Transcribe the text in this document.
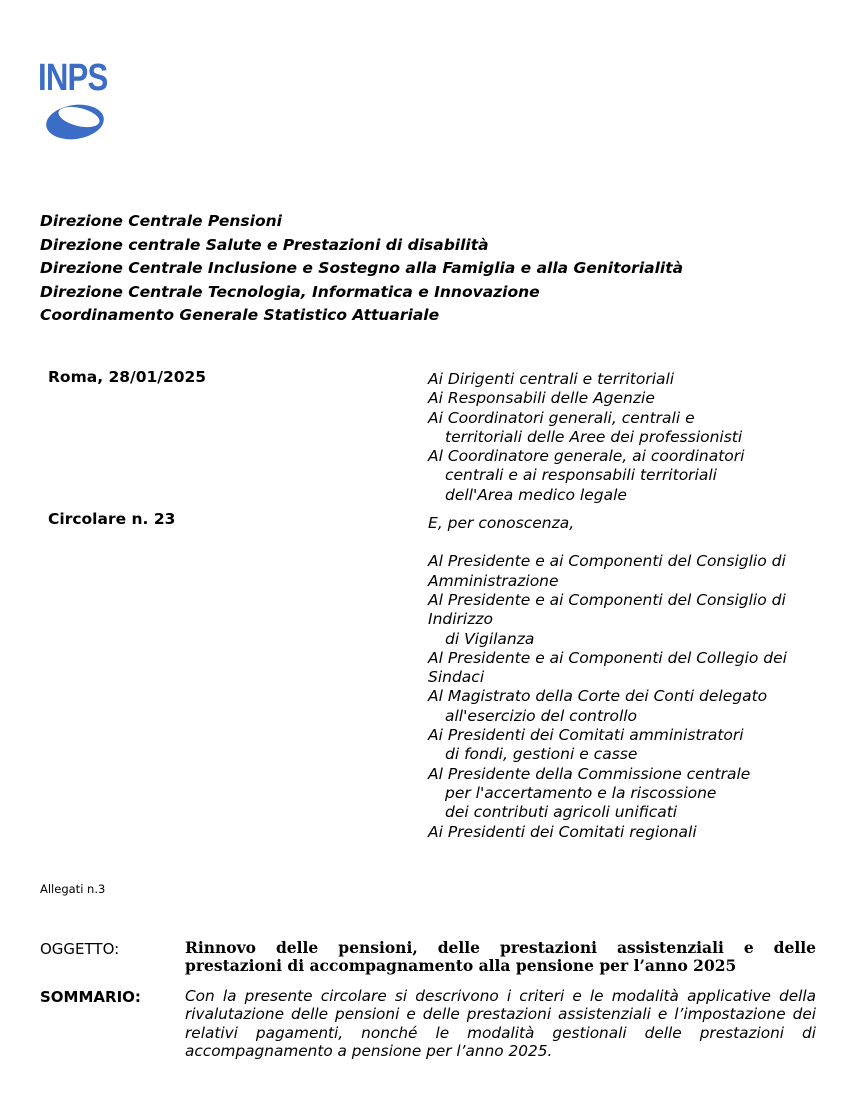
INPS
Direzione Centrale Pensioni
Direzione centrale Salute e Prestazioni di disabilità
Direzione Centrale Inclusione e Sostegno alla Famiglia e alla Genitorialità
Direzione Centrale Tecnologia, Informatica e Innovazione
Coordinamento Generale Statistico Attuariale
Roma, 28/01/2025
Circolare n. 23
Ai Dirigenti centrali e territoriali
Ai Responsabili delle Agenzie
Ai Coordinatori generali, centrali e
territoriali delle Aree dei professionisti
Al Coordinatore generale, ai coordinatori
centrali e ai responsabili territoriali
dell'Area medico legale
E, per conoscenza,
Al Presidente e ai Componenti del Consiglio di
Amministrazione
Al Presidente e ai Componenti del Consiglio di
Indirizzo
di Vigilanza
Al Presidente e ai Componenti del Collegio dei
Sindaci
Al Magistrato della Corte dei Conti delegato
all'esercizio del controllo
Ai Presidenti dei Comitati amministratori
di fondi, gestioni e casse
Al Presidente della Commissione centrale
per l'accertamento e la riscossione
dei contributi agricoli unificati
Ai Presidenti dei Comitati regionali
Allegati n.3
OGGETTO:	Rinnovo delle pensioni, delle prestazioni assistenziali e delle prestazioni di accompagnamento alla pensione per l’anno 2025

SOMMARIO:	Con la presente circolare si descrivono i criteri e le modalità applicative della rivalutazione delle pensioni e delle prestazioni assistenziali e l’impostazione dei relativi pagamenti, nonché le modalità gestionali delle prestazioni di accompagnamento a pensione per l’anno 2025.
